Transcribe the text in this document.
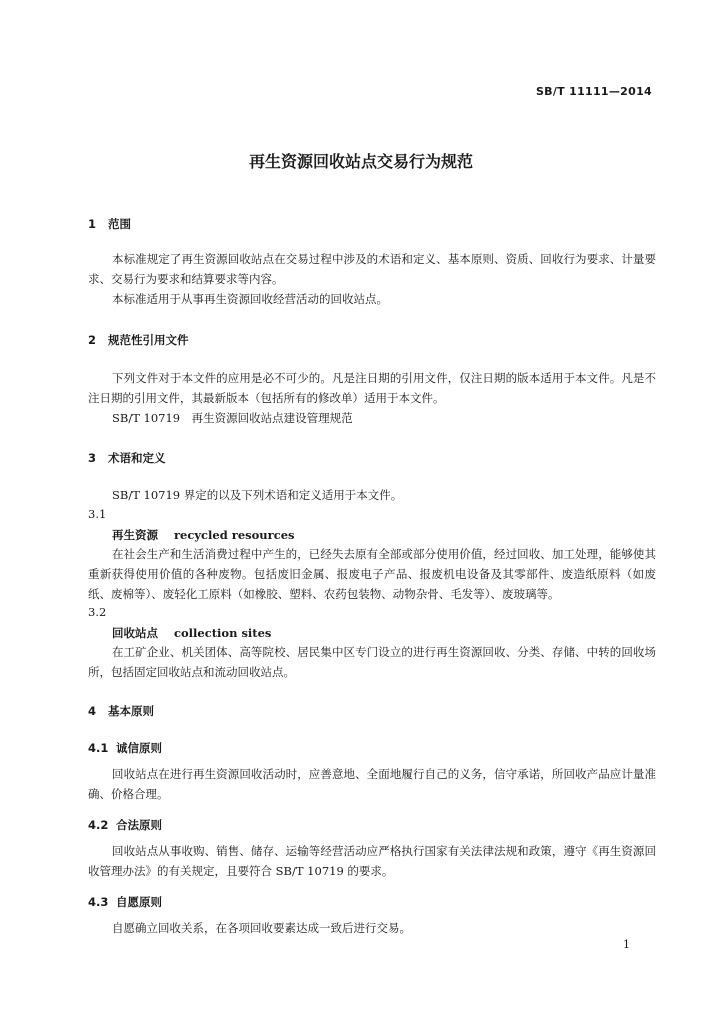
SB/T 11111—2014
再生资源回收站点交易行为规范
1 范围
本标准规定了再生资源回收站点在交易过程中涉及的术语和定义、基本原则、资质、回收行为要求、计量要求、交易行为要求和结算要求等内容。
本标准适用于从事再生资源回收经营活动的回收站点。
2 规范性引用文件
下列文件对于本文件的应用是必不可少的。凡是注日期的引用文件，仅注日期的版本适用于本文件。凡是不注日期的引用文件，其最新版本（包括所有的修改单）适用于本文件。
SB/T 10719　再生资源回收站点建设管理规范
3 术语和定义
SB/T 10719 界定的以及下列术语和定义适用于本文件。
3.1
再生资源 recycled resources
在社会生产和生活消费过程中产生的，已经失去原有全部或部分使用价值，经过回收、加工处理，能够使其重新获得使用价值的各种废物。包括废旧金属、报废电子产品、报废机电设备及其零部件、废造纸原料（如废纸、废棉等）、废轻化工原料（如橡胶、塑料、农药包装物、动物杂骨、毛发等）、废玻璃等。
3.2
回收站点 collection sites
在工矿企业、机关团体、高等院校、居民集中区专门设立的进行再生资源回收、分类、存储、中转的回收场所，包括固定回收站点和流动回收站点。
4 基本原则
4.1 诚信原则
回收站点在进行再生资源回收活动时，应善意地、全面地履行自己的义务，信守承诺，所回收产品应计量准确、价格合理。
4.2 合法原则
回收站点从事收购、销售、储存、运输等经营活动应严格执行国家有关法律法规和政策，遵守《再生资源回收管理办法》的有关规定，且要符合 SB/T 10719 的要求。
4.3 自愿原则
自愿确立回收关系，在各项回收要素达成一致后进行交易。
1
